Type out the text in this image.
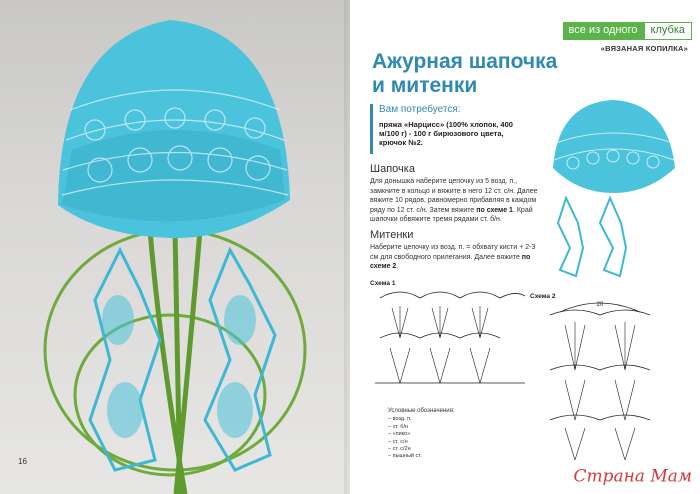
16
все из одного	клубка
«ВЯЗАНАЯ КОПИЛКА»
Ажурная шапочка
и митенки
Вам потребуется:
пряжа «Нарцисс» (100% хлопок, 400 м/100 г) - 100 г бирюзового цвета, крючок №2.
Шапочка
Для донышка наберите цепочку из 5 возд. п., замкните в кольцо и вяжите в него 12 ст. с/н. Далее вяжите 10 рядов, равномерно прибавляя в каждом ряду по 12 ст. с/н. Затем вяжите по схеме 1. Край шапочки обвяжите тремя рядами ст. б/н.
Митенки
Наберите цепочку из возд. п. = обхвату кисти + 2-3 см для свободного прилегания. Далее вяжите по схеме 2.
Схема 1
Схема 2
20
Условные обозначения:
– возд. п.
– ст. б/н
– «пико»
– ст. с/н
– ст. с/2н
– пышный ст.
Страна Мам
